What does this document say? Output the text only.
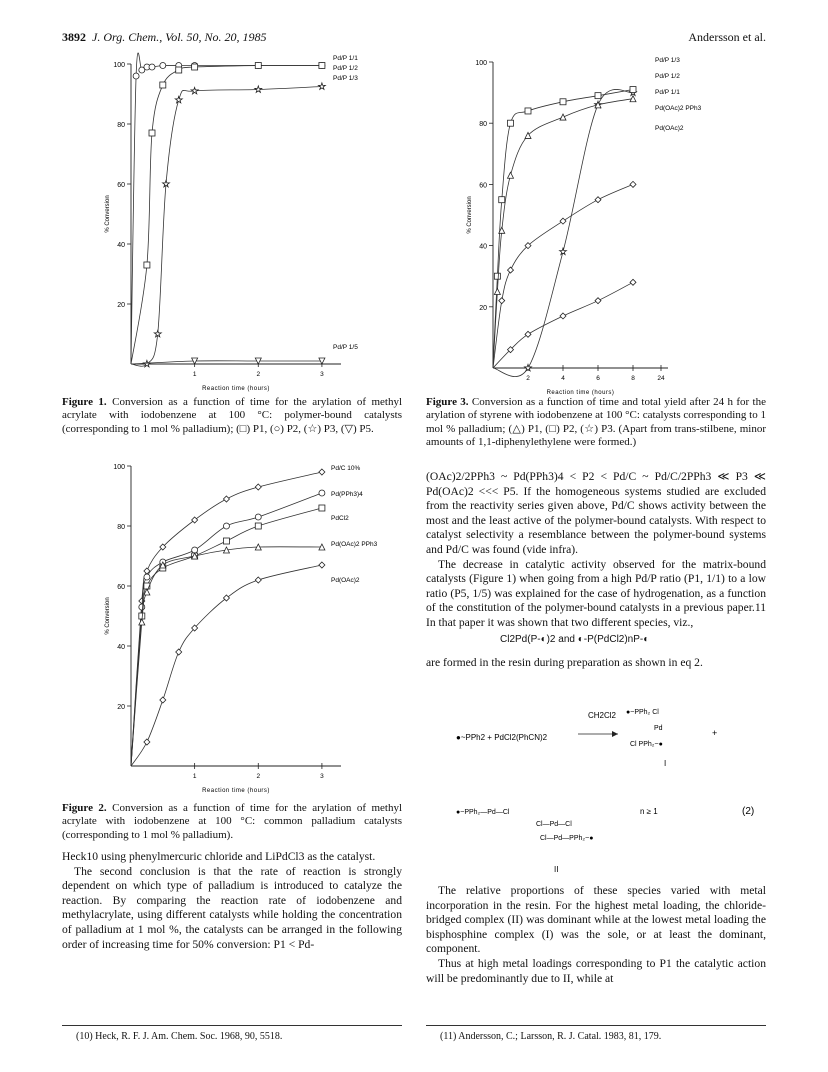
3892 J. Org. Chem., Vol. 50, No. 20, 1985	Andersson et al.
20
40
60
80
100
1	2	3
Reaction time (hours)
% Conversion
Pd/P 1/1
Pd/P 1/2
Pd/P 1/3
Pd/P 1/5
Figure 1. Conversion as a function of time for the arylation of methyl acrylate with iodobenzene at 100 °C: polymer-bound catalysts (corresponding to 1 mol % palladium); (□) P1, (○) P2, (☆) P3, (▽) P5.
20
40
60
80
100
1	2	3
Reaction time (hours)
% Conversion
Pd/C 10%
Pd(PPh3)4
PdCl2
Pd(OAc)2 PPh3
Pd(OAc)2
Figure 2. Conversion as a function of time for the arylation of methyl acrylate with iodobenzene at 100 °C: common palladium catalysts (corresponding to 1 mol % palladium).

Heck10 using phenylmercuric chloride and LiPdCl3 as the catalyst.

The second conclusion is that the rate of reaction is strongly dependent on which type of palladium is introduced to catalyze the reaction. By comparing the reaction rate of iodobenzene and methylacrylate, using different catalysts while holding the concentration of palladium at 1 mol %, the catalysts can be arranged in the following order of increasing time for 50% conversion: P1 < Pd-

20
40
60
80
100
2	4	6	8	24
Reaction time (hours)
% Conversion
Pd/P 1/3
Pd/P 1/2
Pd/P 1/1
Pd(OAc)2 PPh3
Pd(OAc)2
Figure 3. Conversion as a function of time and total yield after 24 h for the arylation of styrene with iodobenzene at 100 °C: catalysts corresponding to 1 mol % palladium; (△) P1, (□) P2, (☆) P3. (Apart from trans-stilbene, minor amounts of 1,1-diphenylethylene were formed.)

(OAc)2/2PPh3 ~ Pd(PPh3)4 < P2 < Pd/C ~ Pd/C/2PPh3 ≪ P3 ≪ Pd(OAc)2 <<< P5. If the homogeneous systems studied are excluded from the reactivity series given above, Pd/C shows activity between the most and the least active of the polymer-bound catalysts. With respect to catalyst selectivity a resemblance between the polymer-bound systems and Pd/C was found (vide infra).

The decrease in catalytic activity observed for the matrix-bound catalysts (Figure 1) when going from a high Pd/P ratio (P1, 1/1) to a low ratio (P5, 1/5) was explained for the case of hydrogenation, as a function of the constitution of the polymer-bound catalysts in a previous paper.11 In that paper it was shown that two different species, viz.,

Cl2Pd(P-◐)2 and ◐-P(PdCl2)nP-◐
are formed in the resin during preparation as shown in eq 2.
●~PPh2 + PdCl2(PhCN)2
CH2Cl2 ●~PPh₂ Cl
Pd
Cl PPh₂~●
+
I
●~PPh₂—Pd—Cl
Cl—Pd—Cl
Cl—Pd—PPh₂~●
n ≥ 1	(2)
II

The relative proportions of these species varied with metal incorporation in the resin. For the highest metal loading, the chloride-bridged complex (II) was dominant while at the lowest metal loading the bisphosphine complex (I) was the sole, or at least the dominant, component.

Thus at high metal loadings corresponding to P1 the catalytic action will be predominantly due to II, while at

(10) Heck, R. F. J. Am. Chem. Soc. 1968, 90, 5518.	(11) Andersson, C.; Larsson, R. J. Catal. 1983, 81, 179.
